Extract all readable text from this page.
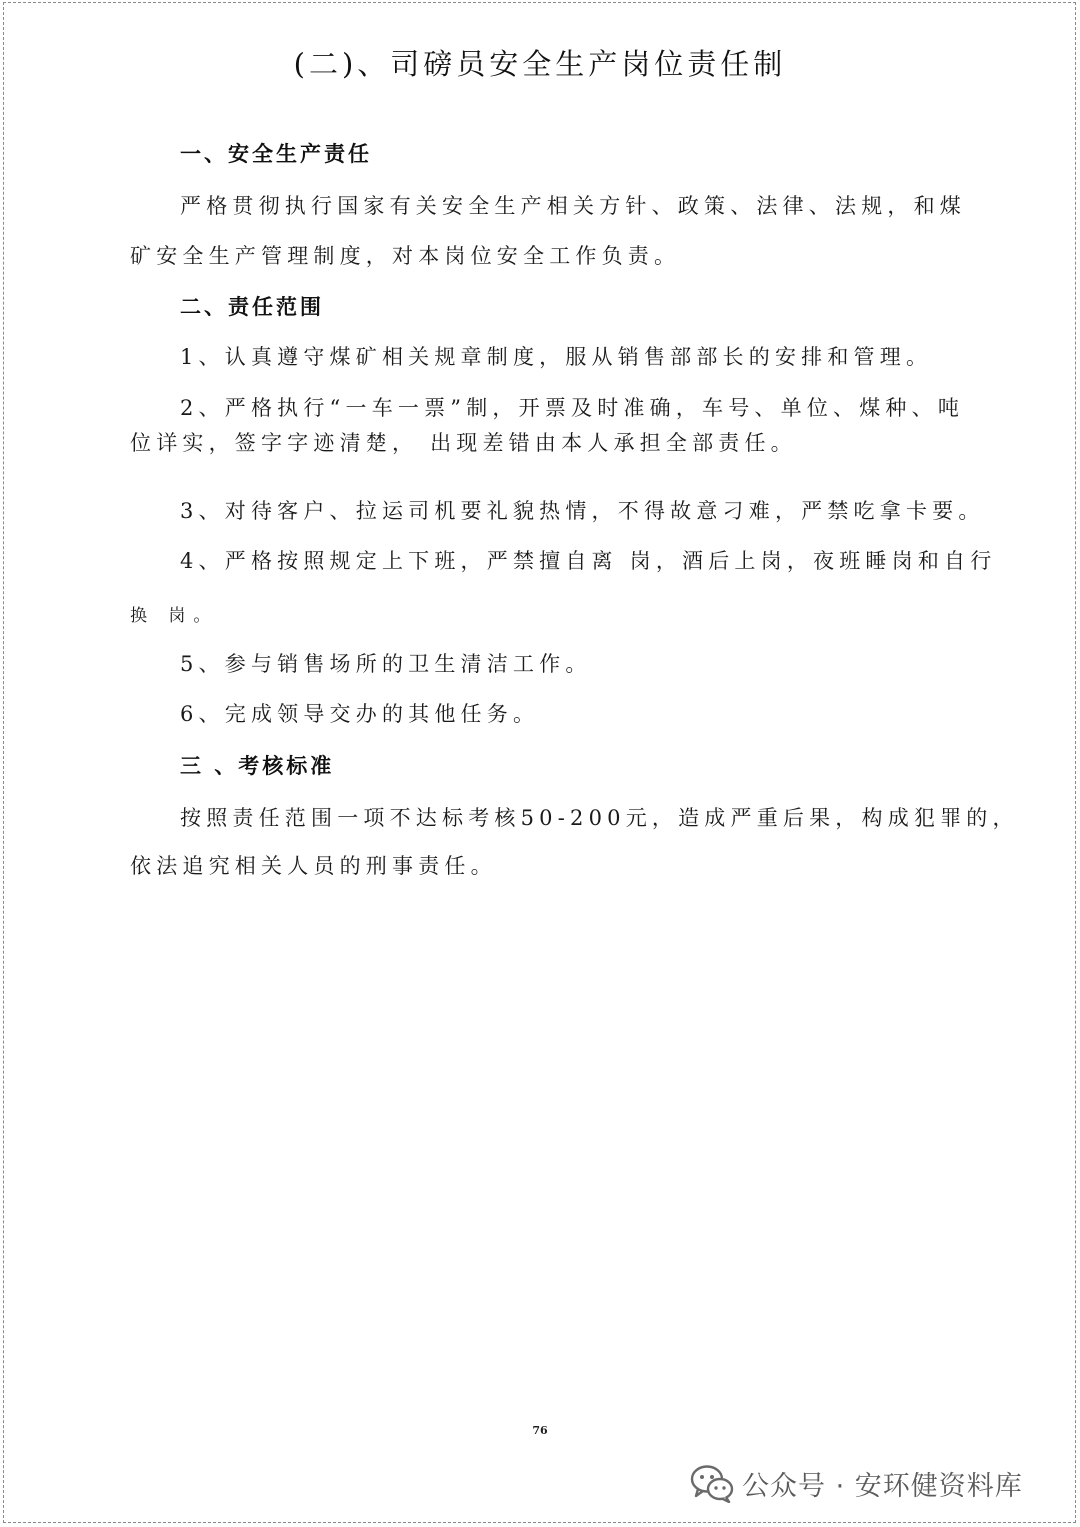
(二)、司磅员安全生产岗位责任制
一、安全生产责任
严格贯彻执行国家有关安全生产相关方针、政策、法律、法规，和煤
矿安全生产管理制度，对本岗位安全工作负责。
二、责任范围
1、认真遵守煤矿相关规章制度，服从销售部部长的安排和管理。
2、严格执行“一车一票”制，开票及时准确，车号、单位、煤种、吨
位详实，签字字迹清楚， 出现差错由本人承担全部责任。
3、对待客户、拉运司机要礼貌热情，不得故意刁难，严禁吃拿卡要。
4、严格按照规定上下班，严禁擅自离 岗，酒后上岗，夜班睡岗和自行
换 岗。
5、参与销售场所的卫生清洁工作。
6、完成领导交办的其他任务。
三 、考核标准
按照责任范围一项不达标考核50-200元，造成严重后果，构成犯罪的，
依法追究相关人员的刑事责任。
76
公众号 · 安环健资料库
